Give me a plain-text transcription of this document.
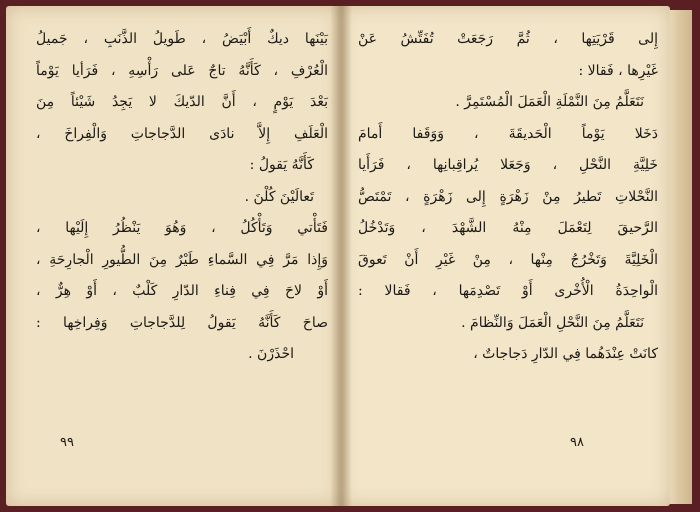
بَيْنَها ديكٌ أَبْيَضُ ، طَويلُ الذَّنَبِ ، جَميلُ
الْعُرْفِ ، كَأَنَّهُ تاجٌ عَلى رَأْسِهِ ، فَرَأيا يَوْماً
بَعْدَ يَوْمٍ ، أَنَّ الدّيكَ لا يَجِدُ شَيْئاً مِنَ
الْعَلَفِ إِلاَّ نادَى الدَّجاجاتِ وَالْفِراخَ ،
كَأَنَّهُ يَقولُ :
تَعالَيْنَ كُلْنَ .
فَتَأْتي وَتَأْكُلُ ، وَهُوَ يَنْظُرُ إِلَيْها ،
وَإِذا مَرَّ فِي السَّماءِ طَيْرٌ مِنَ الطُّيورِ الْجارِحَةِ ،
أَوْ لاحَ فِي فِناءِ الدّارِ كَلْبٌ ، أَوْ هِرٌّ ،
صاحَ كَأَنَّهُ يَقولُ لِلدَّجاجاتِ وَفِراخِها :
احْذَرْنَ .
٩٩
إِلى قَرْيَتِها ، ثُمَّ رَجَعَتْ تُفَتِّشُ عَنْ
غَيْرِها ، فَقالا :
نَتَعَلَّمُ مِنَ النَّمْلَةِ الْعَمَلَ الْمُسْتَمِرَّ .
دَخَلا يَوْماً الْحَديقَةَ ، وَوَقَفا أَمامَ
خَلِيَّةِ النَّحْلِ ، وَجَعَلا يُراقِبانِها ، فَرَأَيا
النَّحْلاتِ تَطيرُ مِنْ زَهْرَةٍ إِلى زَهْرَةٍ ، تَمْتَصُّ
الرَّحيقَ لِتَعْمَلَ مِنْهُ الشَّهْدَ ، وَتَدْخُلُ
الْخَلِيَّةَ وَتَخْرُجُ مِنْها ، مِنْ غَيْرِ أَنْ تَعوقَ
الْواحِدَةُ الْأُخْرى أَوْ تَصْدِمَها ، فَقالا :
نَتَعَلَّمُ مِنَ النَّحْلِ الْعَمَلَ وَالنِّظامَ .
كانَتْ عِنْدَهُما فِي الدّارِ دَجاجاتٌ ،
٩٨
